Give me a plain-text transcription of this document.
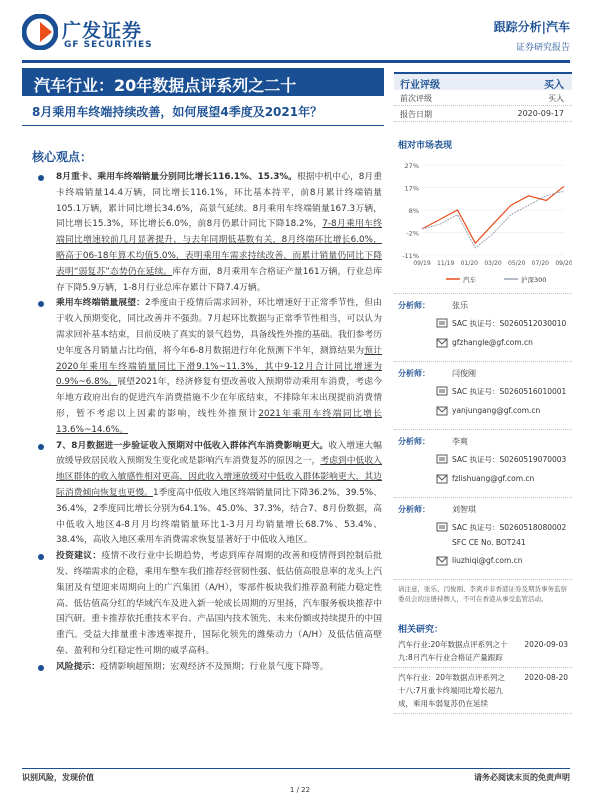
广发证券
GF SECURITIES
跟踪分析|汽车
证券研究报告
汽车行业：20年数据点评系列之二十
8月乘用车终端持续改善，如何展望4季度及2021年？
核心观点：
8月重卡、乘用车终端销量分别同比增长116.1%、15.3%。根据中机中心，8月重卡终端销量14.4万辆，同比增长116.1%，环比基本持平，前8月累计终端销量105.1万辆，累计同比增长34.6%，高景气延续。8月乘用车终端销量167.3万辆，同比增长15.3%，环比增长6.0%，前8月仍累计同比下降18.2%，7-8月乘用车终端同比增速较前几月显著提升，与去年同期低基数有关，8月终端环比增长6.0%，略高于06-18年算术均值5.0%，表明乘用车需求持续改善，而累计销量仍同比下降表明“弱复苏”态势仍在延续。库存方面，8月乘用车合格证产量161万辆，行业总库存下降5.9万辆，1-8月行业总库存累计下降7.4万辆。
乘用车终端销量展望：2季度由于疫情后需求回补，环比增速好于正常季节性，但由于收入预期变化，同比改善并不强劲。7月起环比数据与正常季节性相当，可以认为需求回补基本结束，目前反映了真实的景气趋势，具备线性外推的基础。我们参考历史年度各月销量占比均值，将今年6-8月数据进行年化预测下半年，测算结果为预计2020年乘用车终端销量同比下滑9.1%~11.3%，其中9-12月合计同比增速为0.9%~6.8%。展望2021年，经济修复有望改善收入预期带动乘用车消费，考虑今年地方政府出台的促进汽车消费措施不少在年底结束，不排除年末出现提前消费情形，暂不考虑以上因素的影响，线性外推预计2021年乘用车终端同比增长13.6%~14.6%。
7、8月数据进一步验证收入预期对中低收入群体汽车消费影响更大。收入增速大幅放缓导致居民收入预期发生变化或是影响汽车消费复苏的原因之一，考虑到中低收入地区群体的收入敏感性相对更高，因此收入增速放缓对中低收入群体影响更大，其边际消费倾向恢复也更慢。1季度高中低收入地区终端销量同比下降36.2%、39.5%、36.4%，2季度同比增长分别为64.1%、45.0%、37.3%，结合7、8月份数据，高中低收入地区4-8月月均终端销量环比1-3月月均销量增长68.7%、53.4%、38.4%，高收入地区乘用车消费需求恢复显著好于中低收入地区。
投资建议：疫情不改行业中长期趋势，考虑到库存周期的改善和疫情得到控制后批发、终端需求的企稳，乘用车整车我们推荐经营韧性强、低估值高股息率的龙头上汽集团及有望迎来周期向上的广汽集团（A/H），零部件板块我们推荐盈利能力稳定性高、低估值高分红的华域汽车及进入新一轮成长周期的万里扬，汽车服务板块推荐中国汽研。重卡推荐依托重技术平台、产品国内技术领先、未来份额或持续提升的中国重汽。受益大排量重卡渗透率提升，国际化领先的潍柴动力（A/H）及低估值高壁垒、盈利和分红稳定性可期的威孚高科。
风险提示：疫情影响超预期；宏观经济不及预期；行业景气度下降等。
行业评级	买入
前次评级	买入
报告日期	2020-09-17
相对市场表现
27%
17%
8%
-2%
-11%
09/19 11/19 01/20 03/20 05/20 07/20 09/20
汽车	沪深300
分析师：	张乐
SAC 执证号：S0260512030010
gfzhangle@gf.com.cn
分析师：	闫俊刚
SAC 执证号：S0260516010001
yanjungang@gf.com.cn
分析师：	李爽
SAC 执证号：S0260519070003
fzlishuang@gf.com.cn
分析师：	刘智琪
SAC 执证号：S0260518080002
SFC CE No. BOT241
liuzhiqi@gf.com.cn
请注意，张乐、闫俊刚、李爽并非香港证券及期货事务监察委员会的注册持牌人，不可在香港从事受监管活动。
相关研究：
汽车行业:20年数据点评系列之十九:8月汽车行业合格证产量跟踪
2020-09-03
汽车行业：20年数据点评系列之十八:7月重卡终端同比增长超九成，乘用车弱复苏仍在延续
2020-08-20
识别风险，发现价值	请务必阅读末页的免责声明
1 / 22
